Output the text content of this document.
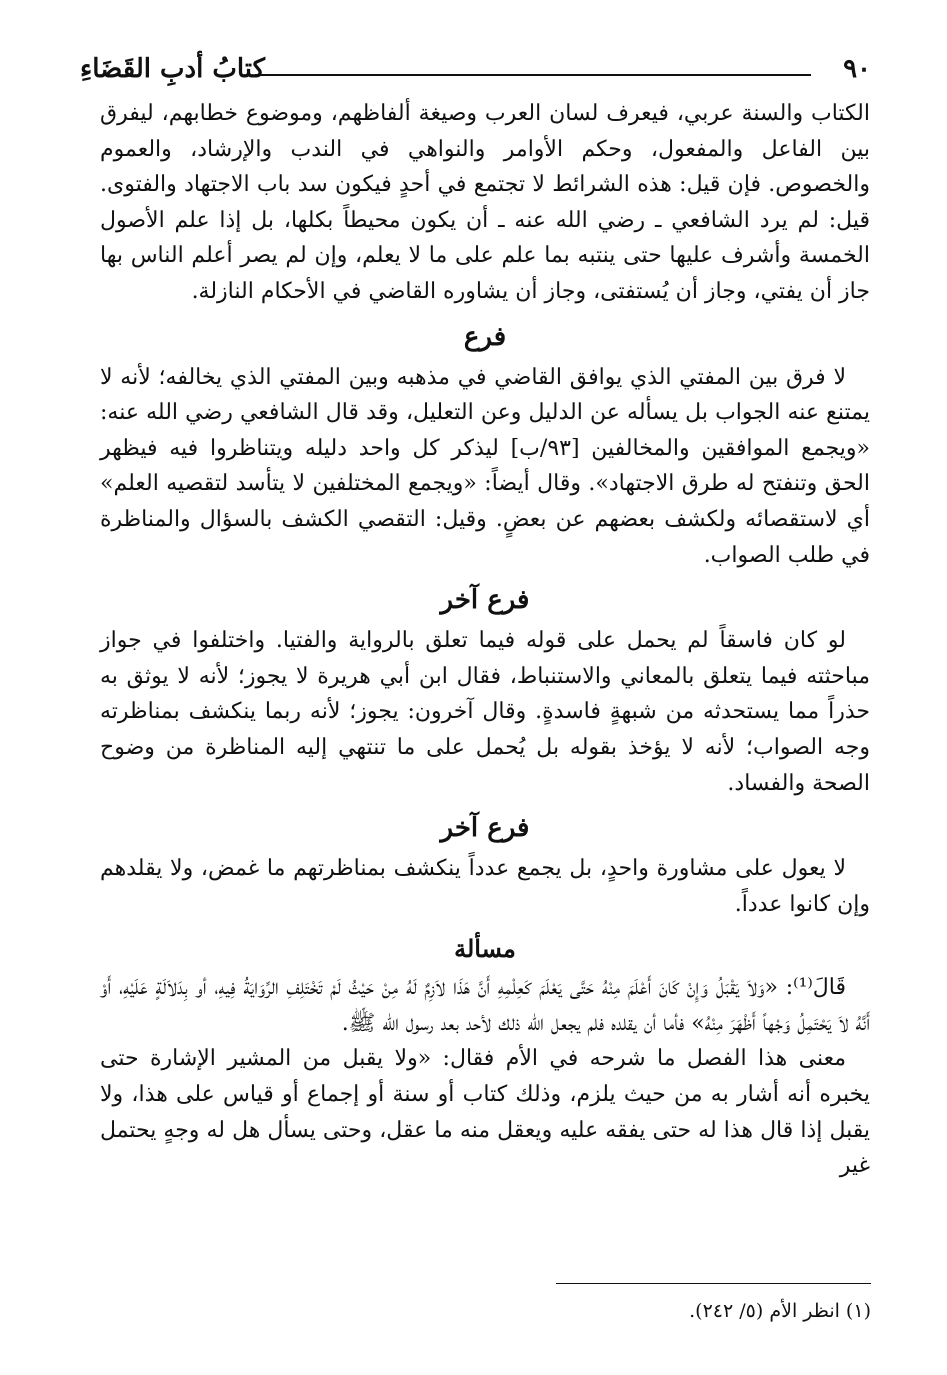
٩٠
كتابُ أدبِ القَضَاءِ

الكتاب والسنة عربي، فيعرف لسان العرب وصيغة ألفاظهم، وموضوع خطابهم، ليفرق بين الفاعل والمفعول، وحكم الأوامر والنواهي في الندب والإرشاد، والعموم والخصوص. فإن قيل: هذه الشرائط لا تجتمع في أحدٍ فيكون سد باب الاجتهاد والفتوى. قيل: لم يرد الشافعي ـ رضي الله عنه ـ أن يكون محيطاً بكلها، بل إذا علم الأصول الخمسة وأشرف عليها حتى ينتبه بما علم على ما لا يعلم، وإن لم يصر أعلم الناس بها جاز أن يفتي، وجاز أن يُستفتى، وجاز أن يشاوره القاضي في الأحكام النازلة.

فرع

لا فرق بين المفتي الذي يوافق القاضي في مذهبه وبين المفتي الذي يخالفه؛ لأنه لا يمتنع عنه الجواب بل يسأله عن الدليل وعن التعليل، وقد قال الشافعي رضي الله عنه: «ويجمع الموافقين والمخالفين [٩٣/ب] ليذكر كل واحد دليله ويتناظروا فيه فيظهر الحق وتنفتح له طرق الاجتهاد». وقال أيضاً: «ويجمع المختلفين لا يتأسد لتقصيه العلم» أي لاستقصائه ولكشف بعضهم عن بعضٍ. وقيل: التقصي الكشف بالسؤال والمناظرة في طلب الصواب.

فرع آخر

لو كان فاسقاً لم يحمل على قوله فيما تعلق بالرواية والفتيا. واختلفوا في جواز مباحثته فيما يتعلق بالمعاني والاستنباط، فقال ابن أبي هريرة لا يجوز؛ لأنه لا يوثق به حذراً مما يستحدثه من شبهةٍ فاسدةٍ. وقال آخرون: يجوز؛ لأنه ربما ينكشف بمناظرته وجه الصواب؛ لأنه لا يؤخذ بقوله بل يُحمل على ما تنتهي إليه المناظرة من وضوح الصحة والفساد.

فرع آخر

لا يعول على مشاورة واحدٍ، بل يجمع عدداً ينكشف بمناظرتهم ما غمض، ولا يقلدهم وإن كانوا عدداً.

مسألة

قَالَ⁽¹⁾: «وَلاَ يَقْبَلُ وَإِنْ كَانَ أَعْلَمَ مِنْهُ حَتَّى يَعْلَمَ كَعِلْمِهِ أَنَّ هَذَا لاَزِمٌ لَهُ مِنْ حَيْثُ لَمْ تَخْتَلِفِ الرِّوَايَةُ فِيهِ، أو بِدَلاَلَةٍ عَلَيْهِ، أَوْ أَنَّهُ لاَ يَحْتَمِلُ وَجْهاً أَظْهَرَ مِنْهُ» فأما أن يقلده فلم يجعل الله ذلك لأحد بعد رسول الله ﷺ.

معنى هذا الفصل ما شرحه في الأم فقال: «ولا يقبل من المشير الإشارة حتى يخبره أنه أشار به من حيث يلزم، وذلك كتاب أو سنة أو إجماع أو قياس على هذا، ولا يقبل إذا قال هذا له حتى يفقه عليه ويعقل منه ما عقل، وحتى يسأل هل له وجهٍ يحتمل غير

(١) انظر الأم (٥/ ٢٤٢).
